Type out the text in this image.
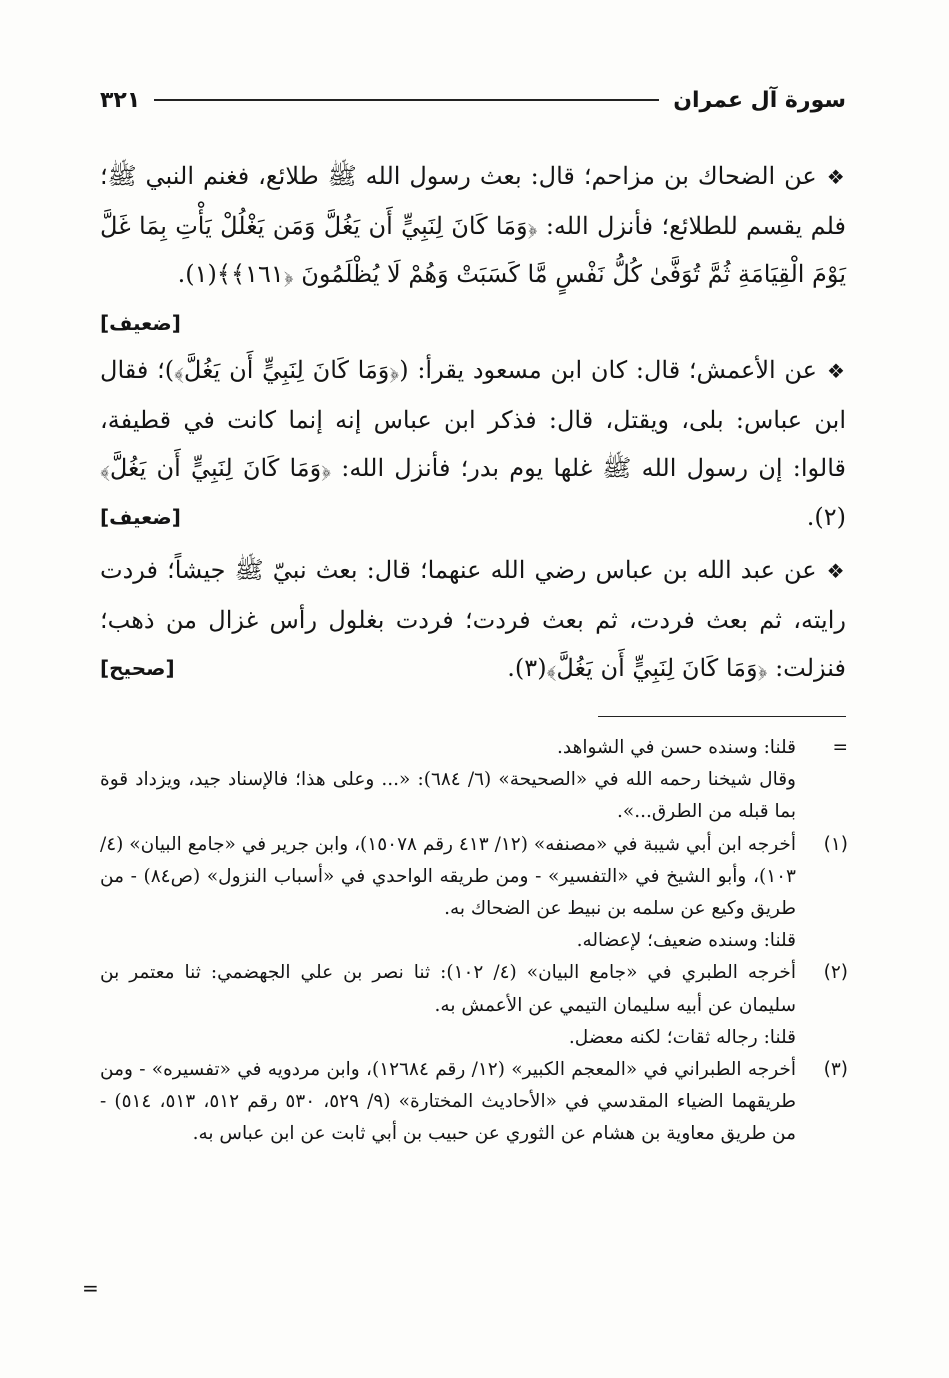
سورة آل عمران
٣٢١

❖عن الضحاك بن مزاحم؛ قال: بعث رسول الله ﷺ طلائع، فغنم النبي ﷺ؛ فلم يقسم للطلائع؛ فأنزل الله: ﴿وَمَا كَانَ لِنَبِيٍّ أَن يَغُلَّ وَمَن يَغْلُلْ يَأْتِ بِمَا غَلَّ يَوْمَ الْقِيَامَةِ ثُمَّ تُوَفَّىٰ كُلُّ نَفْسٍ مَّا كَسَبَتْ وَهُمْ لَا يُظْلَمُونَ ﴿١٦١﴾﴾(١).
[ضعيف]

❖عن الأعمش؛ قال: كان ابن مسعود يقرأ: (﴿وَمَا كَانَ لِنَبِيٍّ أَن يَغُلَّ﴾)؛ فقال ابن عباس: بلى، ويقتل، قال: فذكر ابن عباس إنه إنما كانت في قطيفة، قالوا: إن رسول الله ﷺ غلها يوم بدر؛ فأنزل الله: ﴿وَمَا كَانَ لِنَبِيٍّ أَن يَغُلَّ﴾(٢).
[ضعيف]

❖عن عبد الله بن عباس رضي الله عنهما؛ قال: بعث نبيّ ﷺ جيشاً؛ فردت رايته، ثم بعث فردت، ثم بعث فردت؛ فردت بغلول رأس غزال من ذهب؛ فنزلت: ﴿وَمَا كَانَ لِنَبِيٍّ أَن يَغُلَّ﴾(٣).
[صحيح]

=

قلنا: وسنده حسن في الشواهد.

وقال شيخنا رحمه الله في «الصحيحة» (٦/ ٦٨٤): «... وعلى هذا؛ فالإسناد جيد، ويزداد قوة بما قبله من الطرق...».

(١)

أخرجه ابن أبي شيبة في «مصنفه» (١٢/ ٤١٣ رقم ١٥٠٧٨)، وابن جرير في «جامع البيان» (٤/ ١٠٣)، وأبو الشيخ في «التفسير» - ومن طريقه الواحدي في «أسباب النزول» (ص٨٤) - من طريق وكيع عن سلمه بن نبيط عن الضحاك به.

قلنا: وسنده ضعيف؛ لإعضاله.

(٢)

أخرجه الطبري في «جامع البيان» (٤/ ١٠٢): ثنا نصر بن علي الجهضمي: ثنا معتمر بن سليمان عن أبيه سليمان التيمي عن الأعمش به.

قلنا: رجاله ثقات؛ لكنه معضل.

(٣)

أخرجه الطبراني في «المعجم الكبير» (١٢/ رقم ١٢٦٨٤)، وابن مردويه في «تفسيره» - ومن طريقهما الضياء المقدسي في «الأحاديث المختارة» (٩/ ٥٢٩، ٥٣٠ رقم ٥١٢، ٥١٣، ٥١٤) - من طريق معاوية بن هشام عن الثوري عن حبيب بن أبي ثابت عن ابن عباس به.

=
